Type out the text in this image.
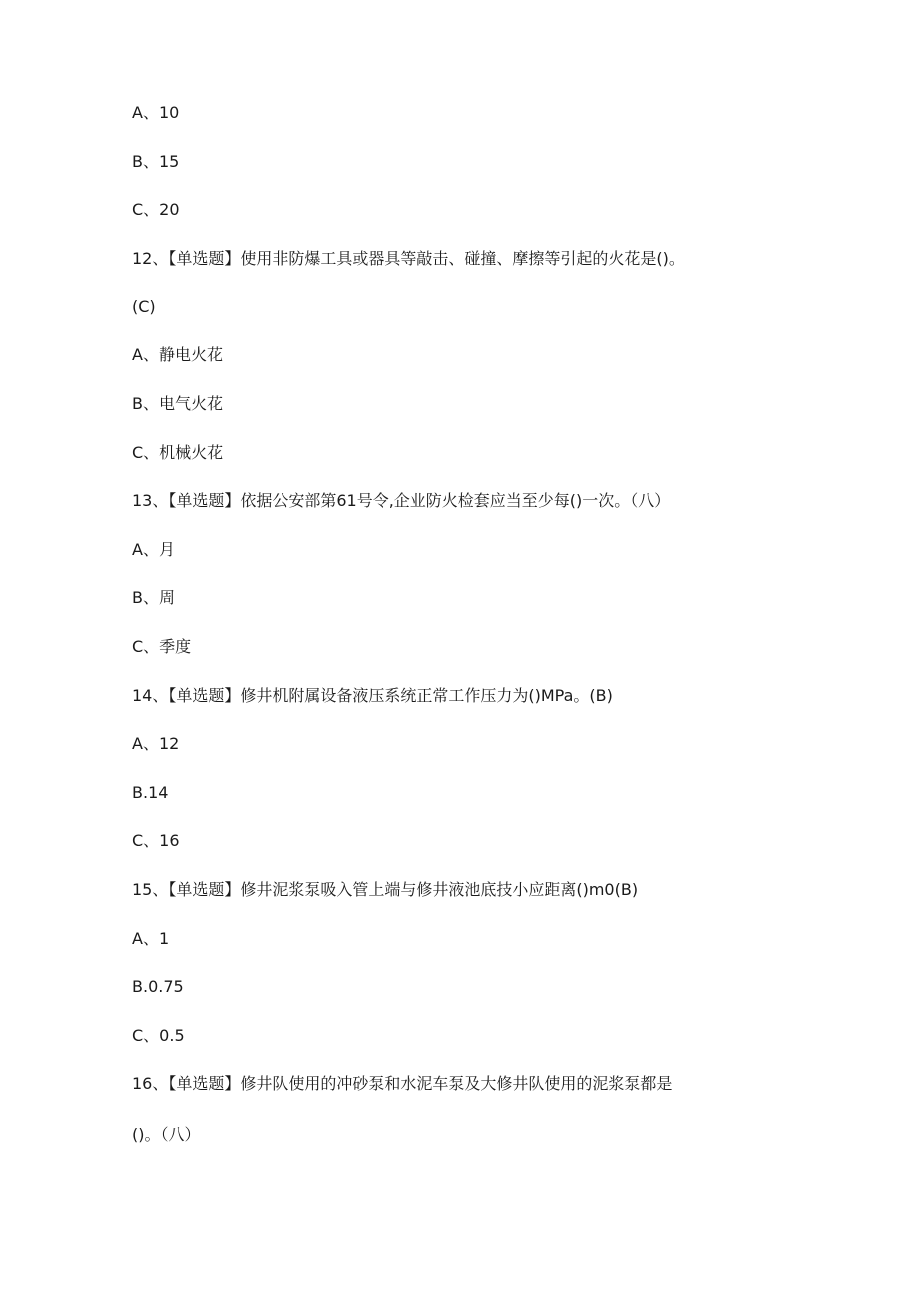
A、10
B、15
C、20
12、【单选题】使用非防爆工具或器具等敲击、碰撞、摩擦等引起的火花是()。
(C)
A、静电火花
B、电气火花
C、机械火花
13、【单选题】依据公安部第61号令,企业防火检套应当至少每()一次。（八）
A、月
B、周
C、季度
14、【单选题】修井机附属设备液压系统正常工作压力为()MPa。(B)
A、12
B.14
C、16
15、【单选题】修井泥浆泵吸入管上端与修井液池底技小应距离()m0(B)
A、1
B.0.75
C、0.5
16、【单选题】修井队使用的冲砂泵和水泥车泵及大修井队使用的泥浆泵都是
()。（八）
